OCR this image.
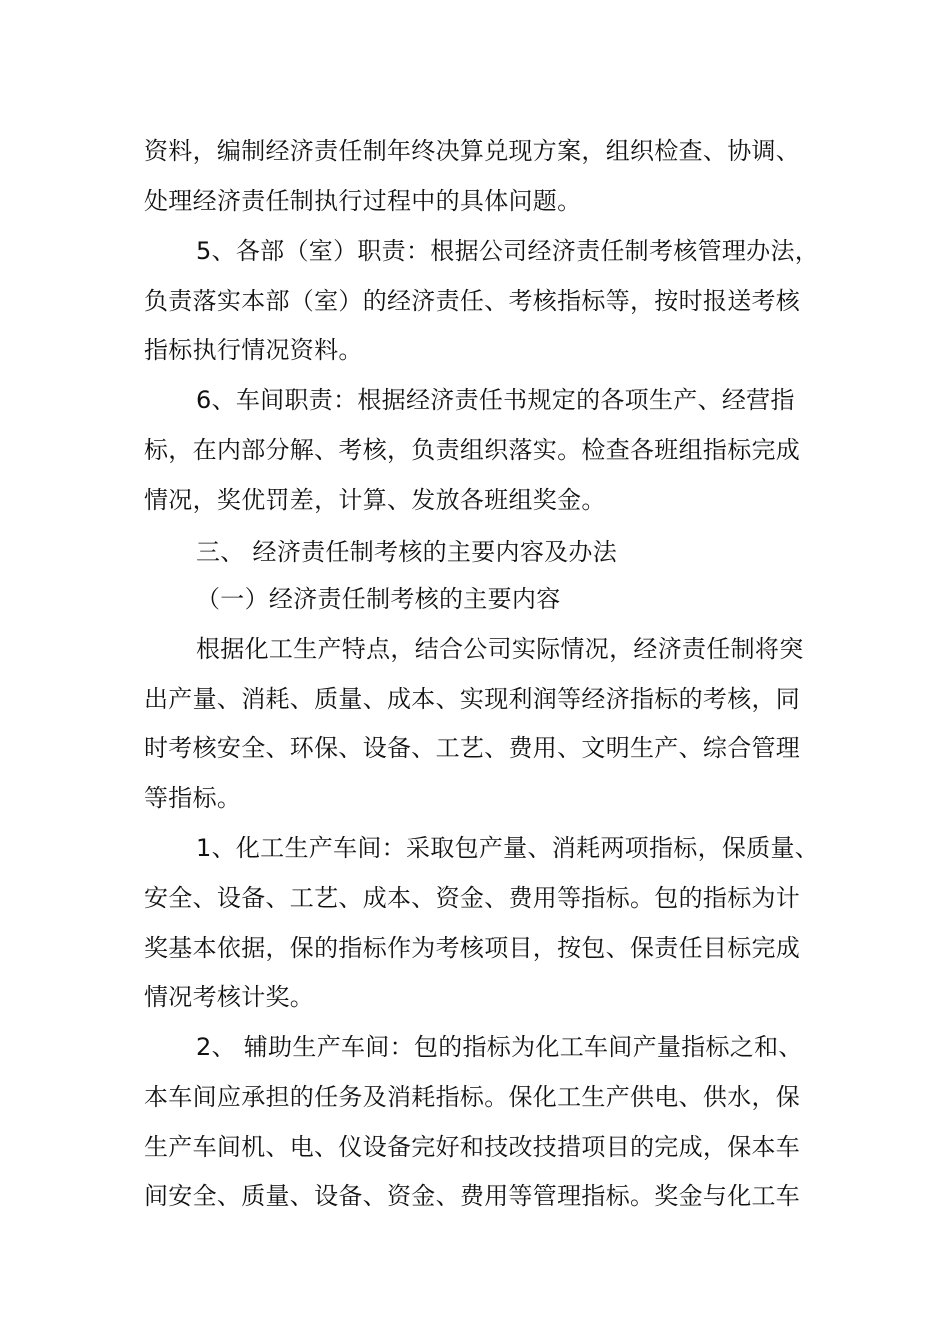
资料，编制经济责任制年终决算兑现方案，组织检查、协调、
处理经济责任制执行过程中的具体问题。
5、各部（室）职责：根据公司经济责任制考核管理办法，
负责落实本部（室）的经济责任、考核指标等，按时报送考核
指标执行情况资料。
6、车间职责：根据经济责任书规定的各项生产、经营指
标，在内部分解、考核，负责组织落实。检查各班组指标完成
情况，奖优罚差，计算、发放各班组奖金。
三、 经济责任制考核的主要内容及办法
（一）经济责任制考核的主要内容
根据化工生产特点，结合公司实际情况，经济责任制将突
出产量、消耗、质量、成本、实现利润等经济指标的考核，同
时考核安全、环保、设备、工艺、费用、文明生产、综合管理
等指标。
1、化工生产车间：采取包产量、消耗两项指标，保质量、
安全、设备、工艺、成本、资金、费用等指标。包的指标为计
奖基本依据，保的指标作为考核项目，按包、保责任目标完成
情况考核计奖。
2、 辅助生产车间：包的指标为化工车间产量指标之和、
本车间应承担的任务及消耗指标。保化工生产供电、供水，保
生产车间机、电、仪设备完好和技改技措项目的完成，保本车
间安全、质量、设备、资金、费用等管理指标。奖金与化工车
